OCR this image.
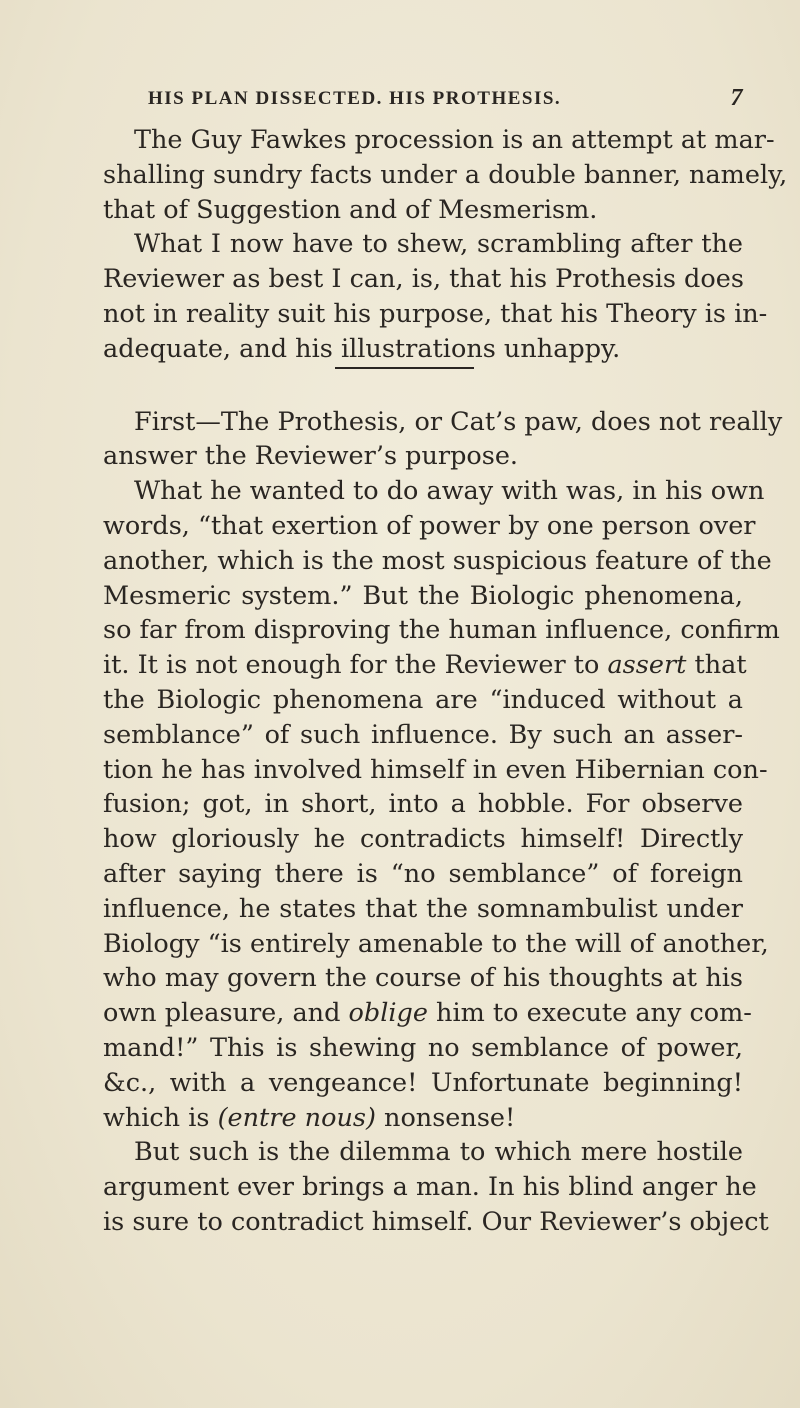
HIS PLAN DISSECTED. HIS PROTHESIS.	7
The Guy Fawkes procession is an attempt at mar-
shalling sundry facts under a double banner, namely,
that of Suggestion and of Mesmerism.
What I now have to shew, scrambling after the
Reviewer as best I can, is, that his Prothesis does
not in reality suit his purpose, that his Theory is in-
adequate, and his illustrations unhappy.
First—The Prothesis, or Cat’s paw, does not really
answer the Reviewer’s purpose.
What he wanted to do away with was, in his own
words, “that exertion of power by one person over
another, which is the most suspicious feature of the
Mesmeric system.” But the Biologic phenomena,
so far from disproving the human influence, confirm
it. It is not enough for the Reviewer to assert that
the Biologic phenomena are “induced without a
semblance” of such influence. By such an asser-
tion he has involved himself in even Hibernian con-
fusion; got, in short, into a hobble. For observe
how gloriously he contradicts himself! Directly
after saying there is “no semblance” of foreign
influence, he states that the somnambulist under
Biology “is entirely amenable to the will of another,
who may govern the course of his thoughts at his
own pleasure, and oblige him to execute any com-
mand!” This is shewing no semblance of power,
&c., with a vengeance! Unfortunate beginning!
which is (entre nous) nonsense!
But such is the dilemma to which mere hostile
argument ever brings a man. In his blind anger he
is sure to contradict himself. Our Reviewer’s object
